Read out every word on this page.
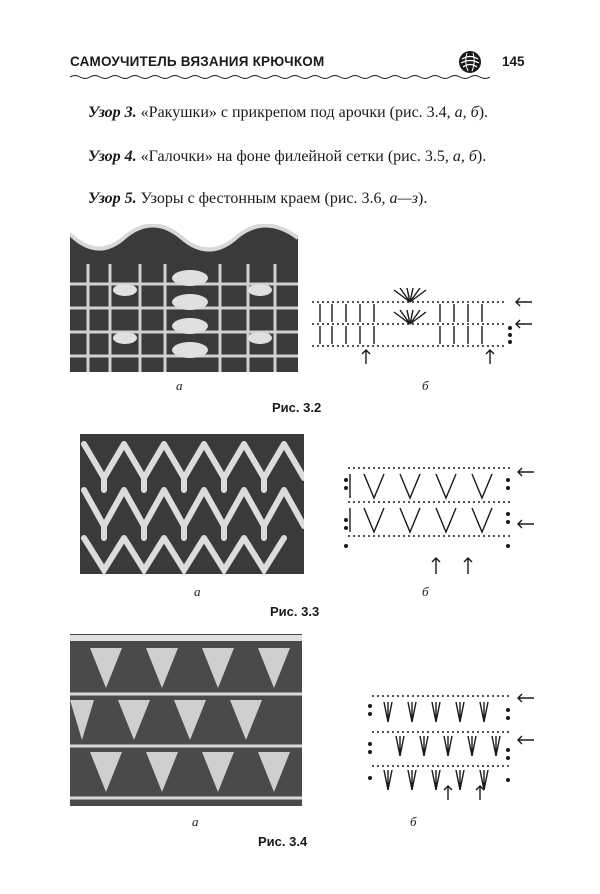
САМОУЧИТЕЛЬ ВЯЗАНИЯ КРЮЧКОМ	145
Узор 3. «Ракушки» с прикрепом под арочки (рис. 3.4, а, б).
Узор 4. «Галочки» на фоне филейной сетки (рис. 3.5, а, б).
Узор 5. Узоры с фестонным краем (рис. 3.6, а—з).
а	б
Рис. 3.2
а	б
Рис. 3.3
а	б
Рис. 3.4
